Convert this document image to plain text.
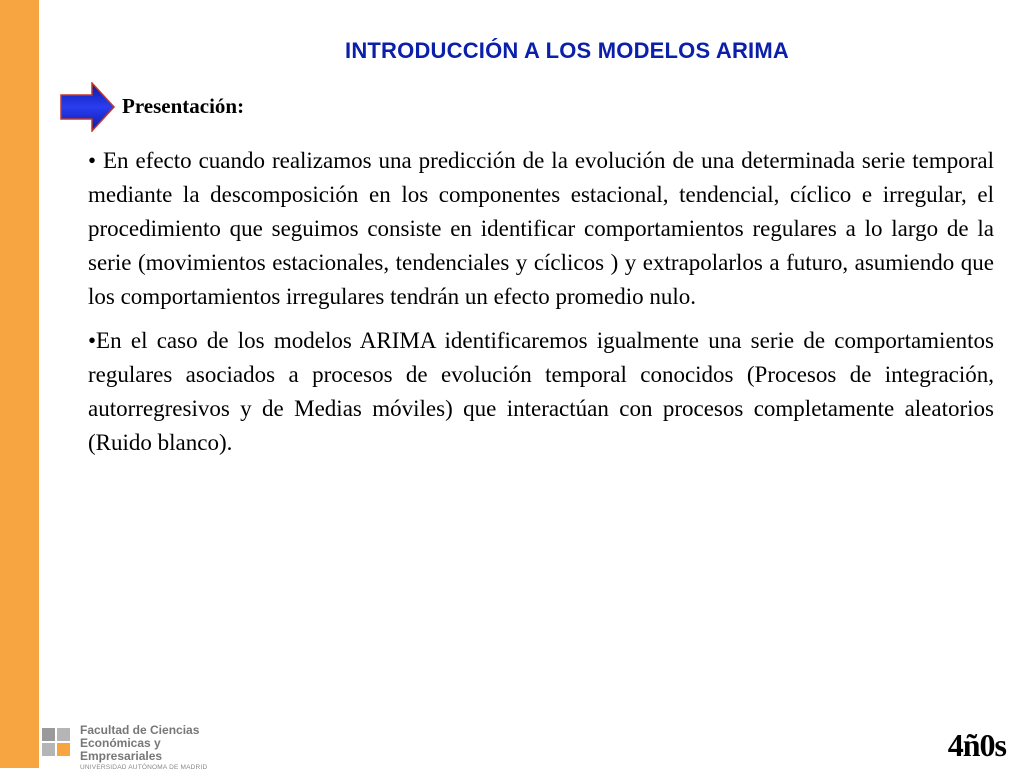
INTRODUCCIÓN A LOS MODELOS ARIMA
Presentación:

• En efecto cuando realizamos una predicción de la evolución de una determinada serie temporal mediante la descomposición en los componentes estacional, tendencial, cíclico e irregular, el procedimiento que seguimos consiste en identificar comportamientos regulares a lo largo de la serie (movimientos estacionales, tendenciales y cíclicos ) y extrapolarlos a futuro, asumiendo que los comportamientos irregulares tendrán un efecto promedio nulo.

•En el caso de los modelos ARIMA identificaremos igualmente una serie de comportamientos regulares asociados a procesos de evolución temporal conocidos (Procesos de integración, autorregresivos y de Medias móviles) que interactúan con procesos completamente aleatorios (Ruido blanco).

Facultad de Ciencias
Económicas y Empresariales
UNIVERSIDAD AUTÓNOMA DE MADRID
4ñ0s
